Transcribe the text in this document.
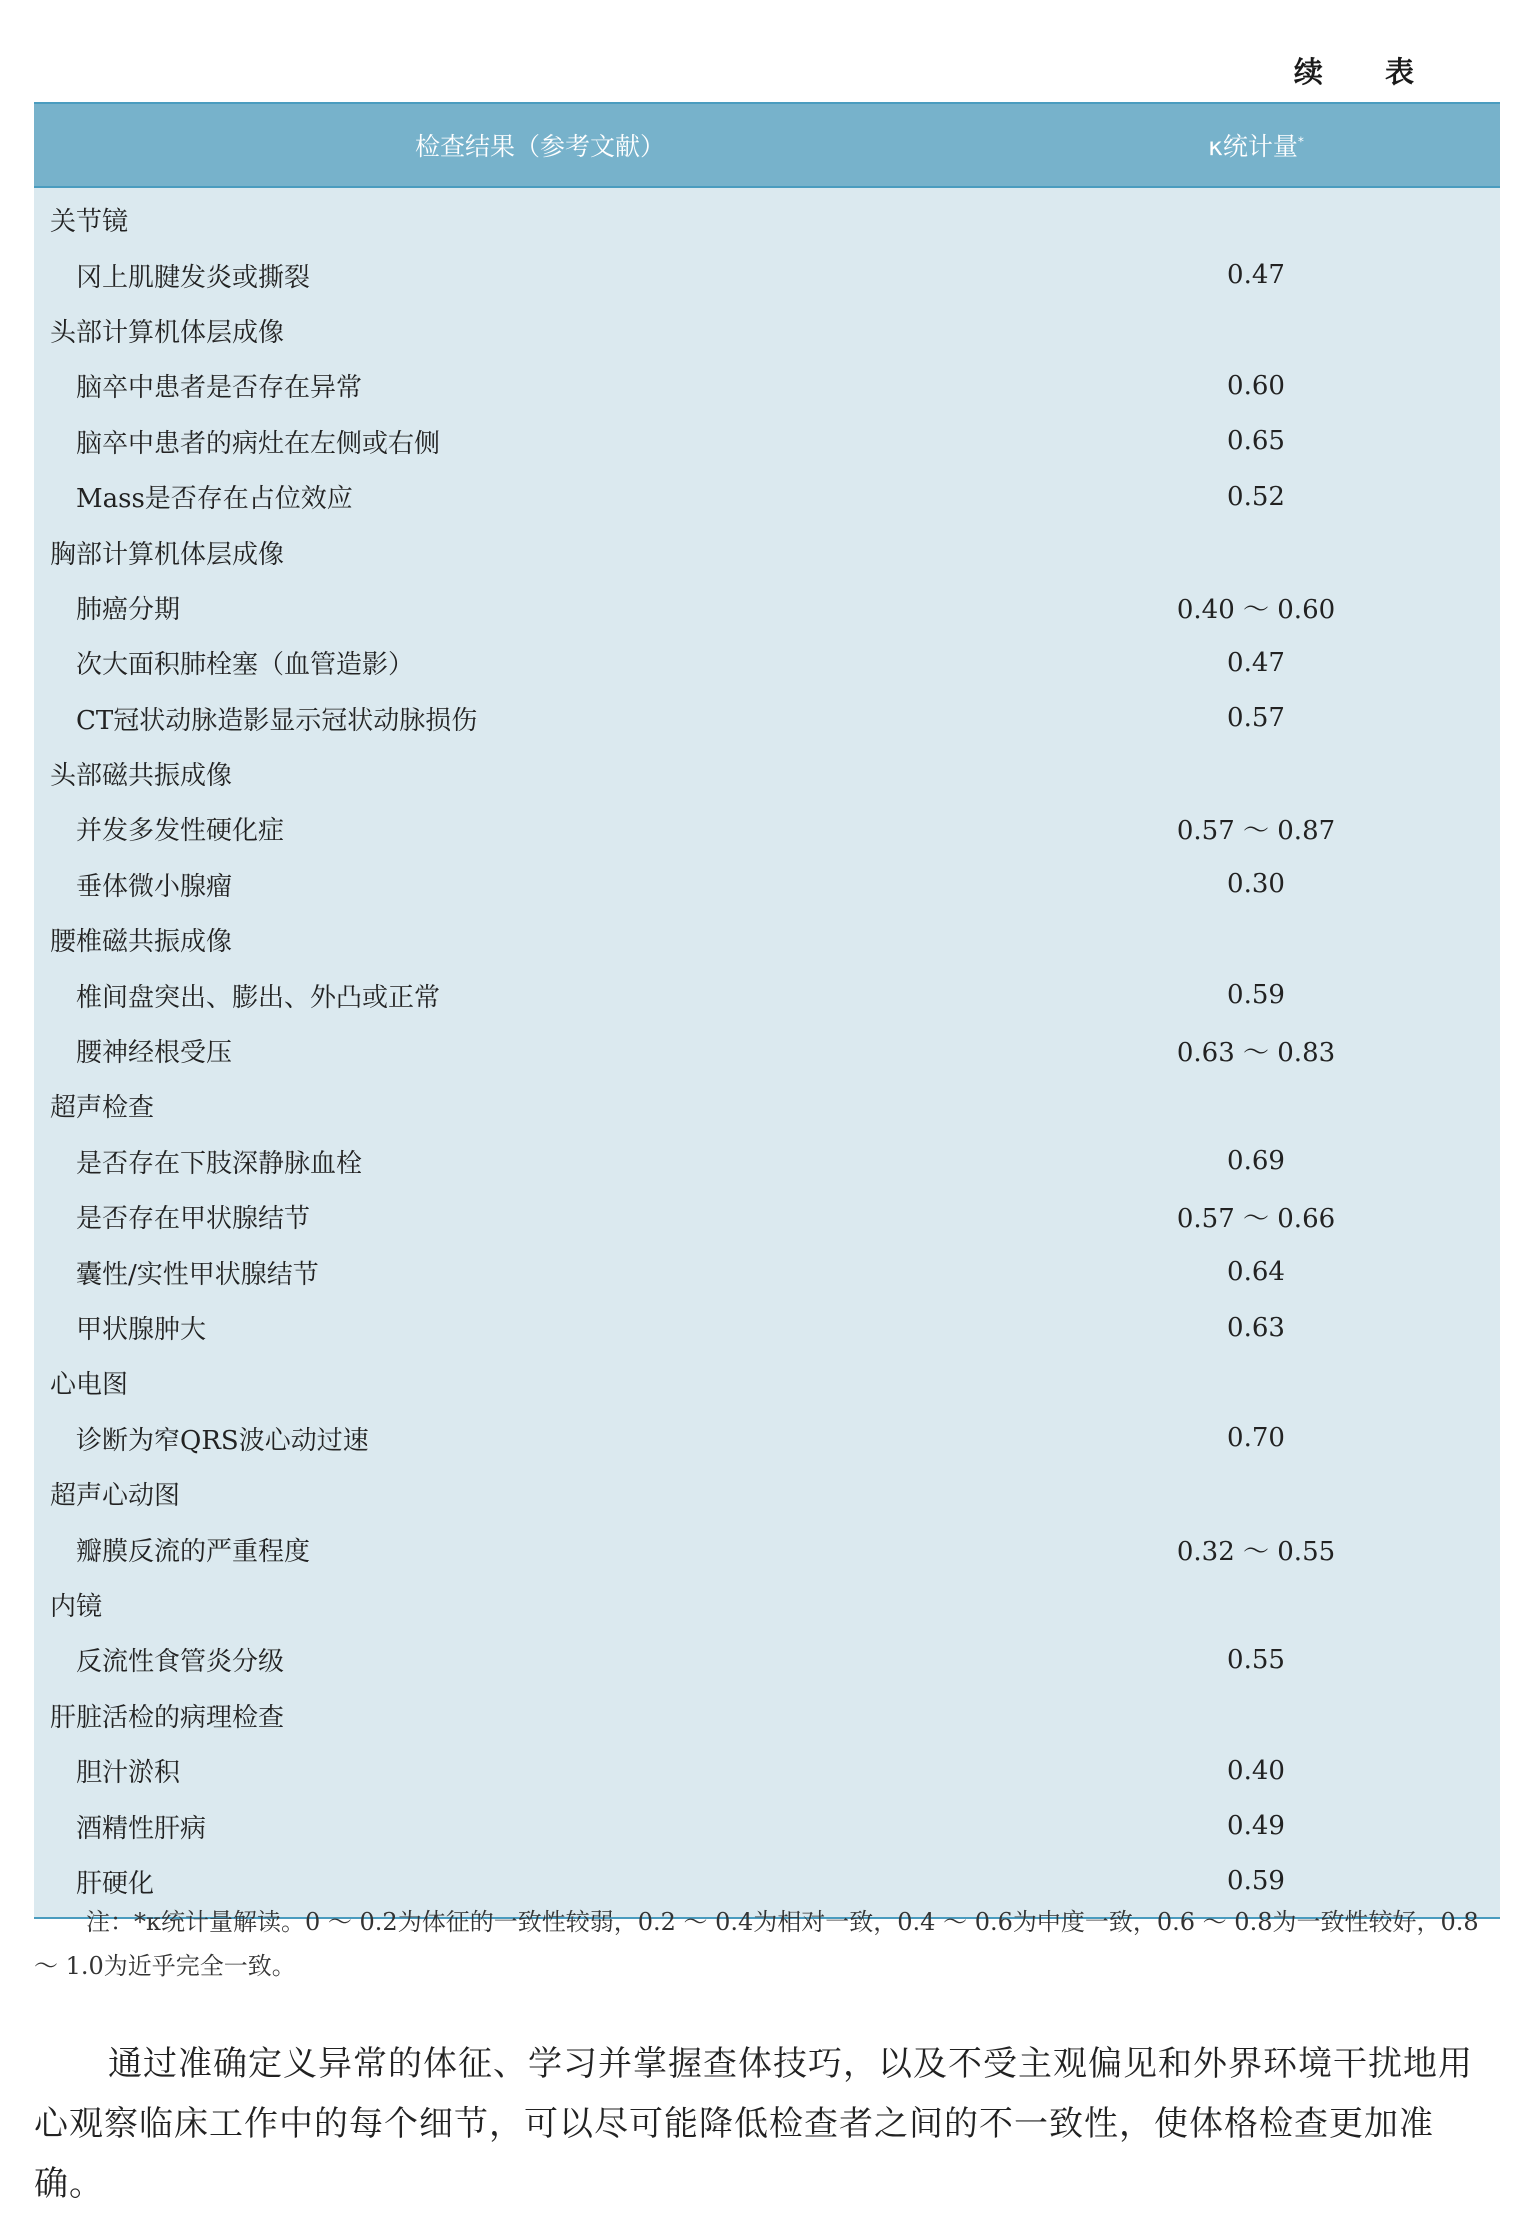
续 表
检查结果（参考文献）	κ统计量*
关节镜
冈上肌腱发炎或撕裂	0.47
头部计算机体层成像
脑卒中患者是否存在异常	0.60
脑卒中患者的病灶在左侧或右侧	0.65
Mass是否存在占位效应	0.52
胸部计算机体层成像
肺癌分期	0.40 ～ 0.60
次大面积肺栓塞（血管造影）	0.47
CT冠状动脉造影显示冠状动脉损伤	0.57
头部磁共振成像
并发多发性硬化症	0.57 ～ 0.87
垂体微小腺瘤	0.30
腰椎磁共振成像
椎间盘突出、膨出、外凸或正常	0.59
腰神经根受压	0.63 ～ 0.83
超声检查
是否存在下肢深静脉血栓	0.69
是否存在甲状腺结节	0.57 ～ 0.66
囊性/实性甲状腺结节	0.64
甲状腺肿大	0.63
心电图
诊断为窄QRS波心动过速	0.70
超声心动图
瓣膜反流的严重程度	0.32 ～ 0.55
内镜
反流性食管炎分级	0.55
肝脏活检的病理检查
胆汁淤积	0.40
酒精性肝病	0.49
肝硬化	0.59
注：*κ统计量解读。0 ～ 0.2为体征的一致性较弱，0.2 ～ 0.4为相对一致，0.4 ～ 0.6为中度一致，0.6 ～ 0.8为一致性较好，0.8 ～ 1.0为近乎完全一致。
通过准确定义异常的体征、学习并掌握查体技巧，以及不受主观偏见和外界环境干扰地用心观察临床工作中的每个细节，可以尽可能降低检查者之间的不一致性，使体格检查更加准确。
